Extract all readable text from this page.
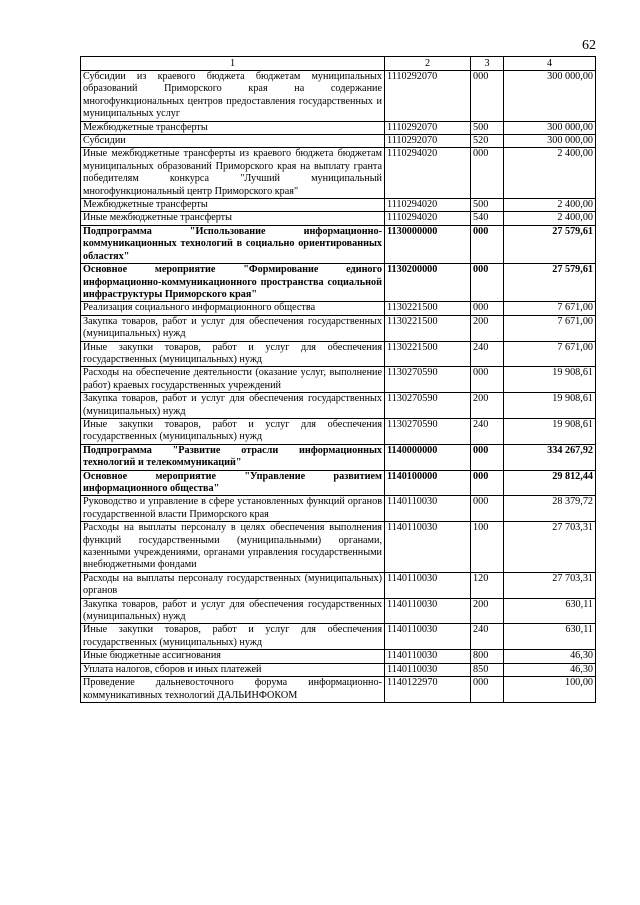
62
1	2	3	4
Субсидии из краевого бюджета бюджетам муниципальных образований Приморского края на содержание многофункциональных центров предоставления государственных и муниципальных услуг	1110292070	000	300 000,00
Межбюджетные трансферты	1110292070	500	300 000,00
Субсидии	1110292070	520	300 000,00
Иные межбюджетные трансферты из краевого бюджета бюджетам муниципальных образований Приморского края на выплату гранта победителям конкурса "Лучший муниципальный многофункциональный центр Приморского края"	1110294020	000	2 400,00
Межбюджетные трансферты	1110294020	500	2 400,00
Иные межбюджетные трансферты	1110294020	540	2 400,00
Подпрограмма "Использование информационно-коммуникационных технологий в социально ориентированных областях"	1130000000	000	27 579,61
Основное мероприятие "Формирование единого информационно-коммуникационного пространства социальной инфраструктуры Приморского края"	1130200000	000	27 579,61
Реализация социального информационного обществa	1130221500	000	7 671,00
Закупка товаров, работ и услуг для обеспечения государственных (муниципальных) нужд	1130221500	200	7 671,00
Иные закупки товаров, работ и услуг для обеспечения государственных (муниципальных) нужд	1130221500	240	7 671,00
Расходы на обеспечение деятельности (оказание услуг, выполнение работ) краевых государственных учреждений	1130270590	000	19 908,61
Закупка товаров, работ и услуг для обеспечения государственных (муниципальных) нужд	1130270590	200	19 908,61
Иные закупки товаров, работ и услуг для обеспечения государственных (муниципальных) нужд	1130270590	240	19 908,61
Подпрограмма "Развитие отрасли информационных технологий и телекоммуникаций"	1140000000	000	334 267,92
Основное мероприятие "Управление развитием информационного общества"	1140100000	000	29 812,44
Руководство и управление в сфере установленных функций органов государственной власти Приморского края	1140110030	000	28 379,72
Расходы на выплаты персоналу в целях обеспечения выполнения функций государственными (муниципальными) органами, казенными учреждениями, органами управления государственными внебюджетными фондами	1140110030	100	27 703,31
Расходы на выплаты персоналу государственных (муниципальных) органов	1140110030	120	27 703,31
Закупка товаров, работ и услуг для обеспечения государственных (муниципальных) нужд	1140110030	200	630,11
Иные закупки товаров, работ и услуг для обеспечения государственных (муниципальных) нужд	1140110030	240	630,11
Иные бюджетные ассигнования	1140110030	800	46,30
Уплата налогов, сборов и иных платежей	1140110030	850	46,30
Проведение дальневосточного форума информационно-коммуникативных технологий ДАЛЬИНФОКОМ	1140122970	000	100,00
